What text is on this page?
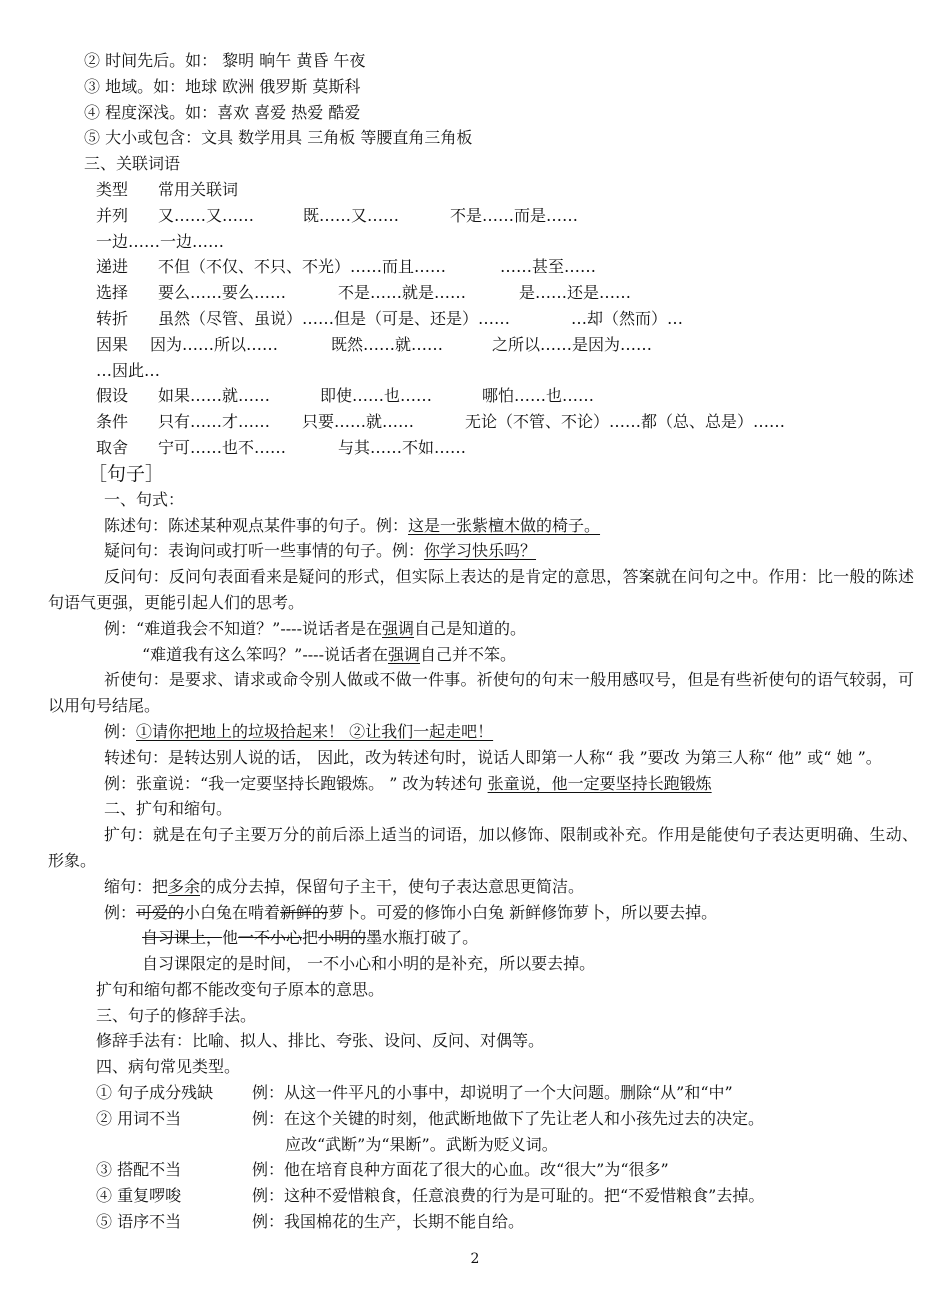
② 时间先后。如： 黎明 晌午 黄昏 午夜
③ 地域。如：地球 欧洲 俄罗斯 莫斯科
④ 程度深浅。如：喜欢 喜爱 热爱 酷爱
⑤ 大小或包含：文具 数学用具 三角板 等腰直角三角板
三、关联词语
类型	常用关联词
并列	又……又……	既……又……	不是……而是……
一边……一边……
递进	不但（不仅、不只、不光）……而且……	……甚至……
选择	要么……要么……	不是……就是……	是……还是……
转折	虽然（尽管、虽说）……但是（可是、还是）……	…却（然而）…
因果	因为……所以……	既然……就……	之所以……是因为……
…因此…
假设	如果……就……	即使……也……	哪怕……也……
条件	只有……才……	只要……就……	无论（不管、不论）……都（总、总是）……
取舍	宁可……也不……	与其……不如……
［句子］
一、句式：
陈述句：陈述某种观点某件事的句子。例：这是一张紫檀木做的椅子。
疑问句：表询问或打听一些事情的句子。例：你学习快乐吗？
反问句：反问句表面看来是疑问的形式，但实际上表达的是肯定的意思，答案就在问句之中。作用：比一般的陈述句语气更强，更能引起人们的思考。
例：“难道我会不知道？”----说话者是在强调自己是知道的。
“难道我有这么笨吗？”----说话者在强调自己并不笨。
祈使句：是要求、请求或命令别人做或不做一件事。祈使句的句末一般用感叹号，但是有些祈使句的语气较弱，可以用句号结尾。
例：①请你把地上的垃圾拾起来！ ②让我们一起走吧！
转述句：是转达别人说的话， 因此，改为转述句时，说话人即第一人称“ 我 ”要改 为第三人称“ 他” 或“ 她 ”。
例：张童说：“我一定要坚持长跑锻炼。 ” 改为转述句 张童说，他一定要坚持长跑锻炼
二、扩句和缩句。
扩句：就是在句子主要万分的前后添上适当的词语，加以修饰、限制或补充。作用是能使句子表达更明确、生动、形象。
缩句：把多余的成分去掉，保留句子主干，使句子表达意思更简洁。
例：可爱的小白兔在啃着新鲜的萝卜。可爱的修饰小白兔 新鲜修饰萝卜，所以要去掉。
自习课上，他一不小心把小明的墨水瓶打破了。
自习课限定的是时间， 一不小心和小明的是补充，所以要去掉。
扩句和缩句都不能改变句子原本的意思。
三、句子的修辞手法。
修辞手法有：比喻、拟人、排比、夸张、设问、反问、对偶等。
四、病句常见类型。
① 句子成分残缺	例：从这一件平凡的小事中，却说明了一个大问题。删除“从”和“中”
② 用词不当	例：在这个关键的时刻，他武断地做下了先让老人和小孩先过去的决定。
应改“武断”为“果断”。武断为贬义词。
③ 搭配不当	例：他在培育良种方面花了很大的心血。改“很大”为“很多”
④ 重复啰唆	例：这种不爱惜粮食，任意浪费的行为是可耻的。把“不爱惜粮食”去掉。
⑤ 语序不当	例：我国棉花的生产，长期不能自给。
2
